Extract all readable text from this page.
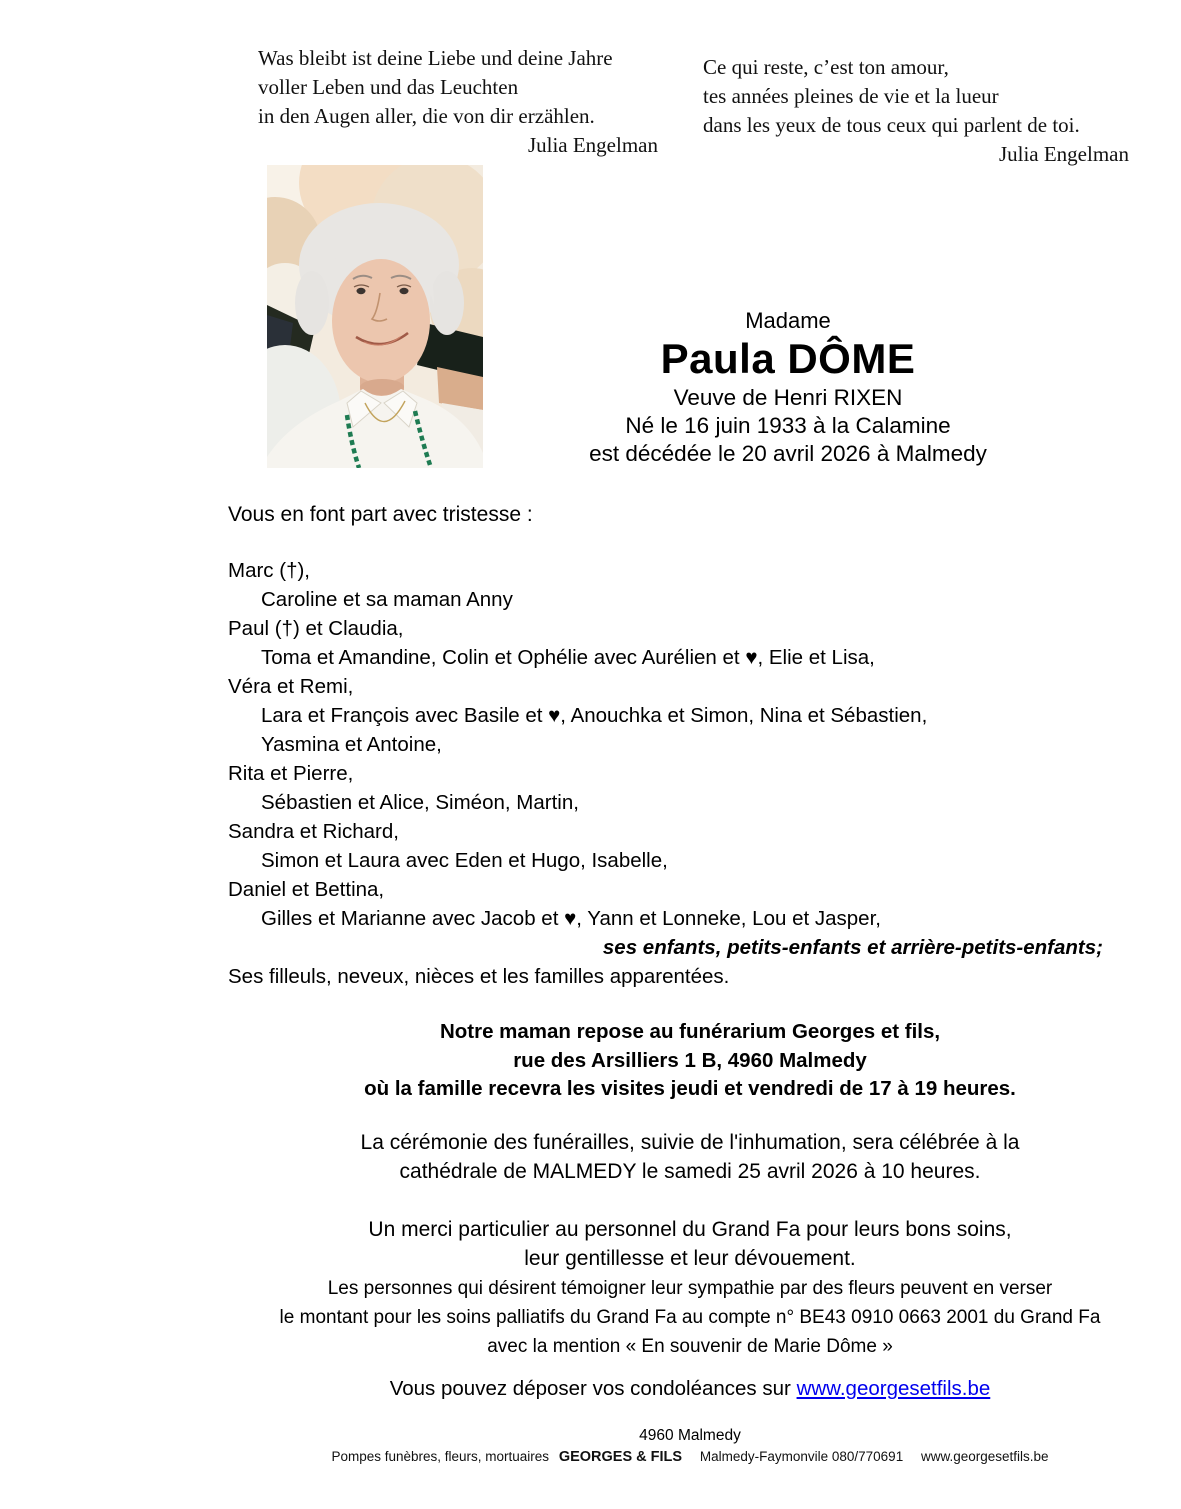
Was bleibt ist deine Liebe und deine Jahre
voller Leben und das Leuchten
in den Augen aller, die von dir erzählen.
Julia Engelman
Ce qui reste, c’est ton amour,
tes années pleines de vie et la lueur
dans les yeux de tous ceux qui parlent de toi.
Julia Engelman
Madame
Paula DÔME
Veuve de Henri RIXEN
Né le 16 juin 1933 à la Calamine
est décédée le 20 avril 2026 à Malmedy
Vous en font part avec tristesse :
Marc (†),
Caroline et sa maman Anny
Paul (†) et Claudia,
Toma et Amandine, Colin et Ophélie avec Aurélien et ♥, Elie et Lisa,
Véra et Remi,
Lara et François avec Basile et ♥, Anouchka et Simon, Nina et Sébastien,
Yasmina et Antoine,
Rita et Pierre,
Sébastien et Alice, Siméon, Martin,
Sandra et Richard,
Simon et Laura avec Eden et Hugo, Isabelle,
Daniel et Bettina,
Gilles et Marianne avec Jacob et ♥, Yann et Lonneke, Lou et Jasper,
ses enfants, petits-enfants et arrière-petits-enfants;
Ses filleuls, neveux, nièces et les familles apparentées.
Notre maman repose au funérarium Georges et fils,
rue des Arsilliers 1 B, 4960 Malmedy
où la famille recevra les visites jeudi et vendredi de 17 à 19 heures.
La cérémonie des funérailles, suivie de l'inhumation, sera célébrée à la
cathédrale de MALMEDY le samedi 25 avril 2026 à 10 heures.
Un merci particulier au personnel du Grand Fa pour leurs bons soins,
leur gentillesse et leur dévouement.
Les personnes qui désirent témoigner leur sympathie par des fleurs peuvent en verser
le montant pour les soins palliatifs du Grand Fa au compte n° BE43 0910 0663 2001 du Grand Fa
avec la mention « En souvenir de Marie Dôme »
Vous pouvez déposer vos condoléances sur www.georgesetfils.be
4960 Malmedy
Pompes funèbres, fleurs, mortuaires GEORGES & FILS Malmedy-Faymonvile 080/770691 www.georgesetfils.be
